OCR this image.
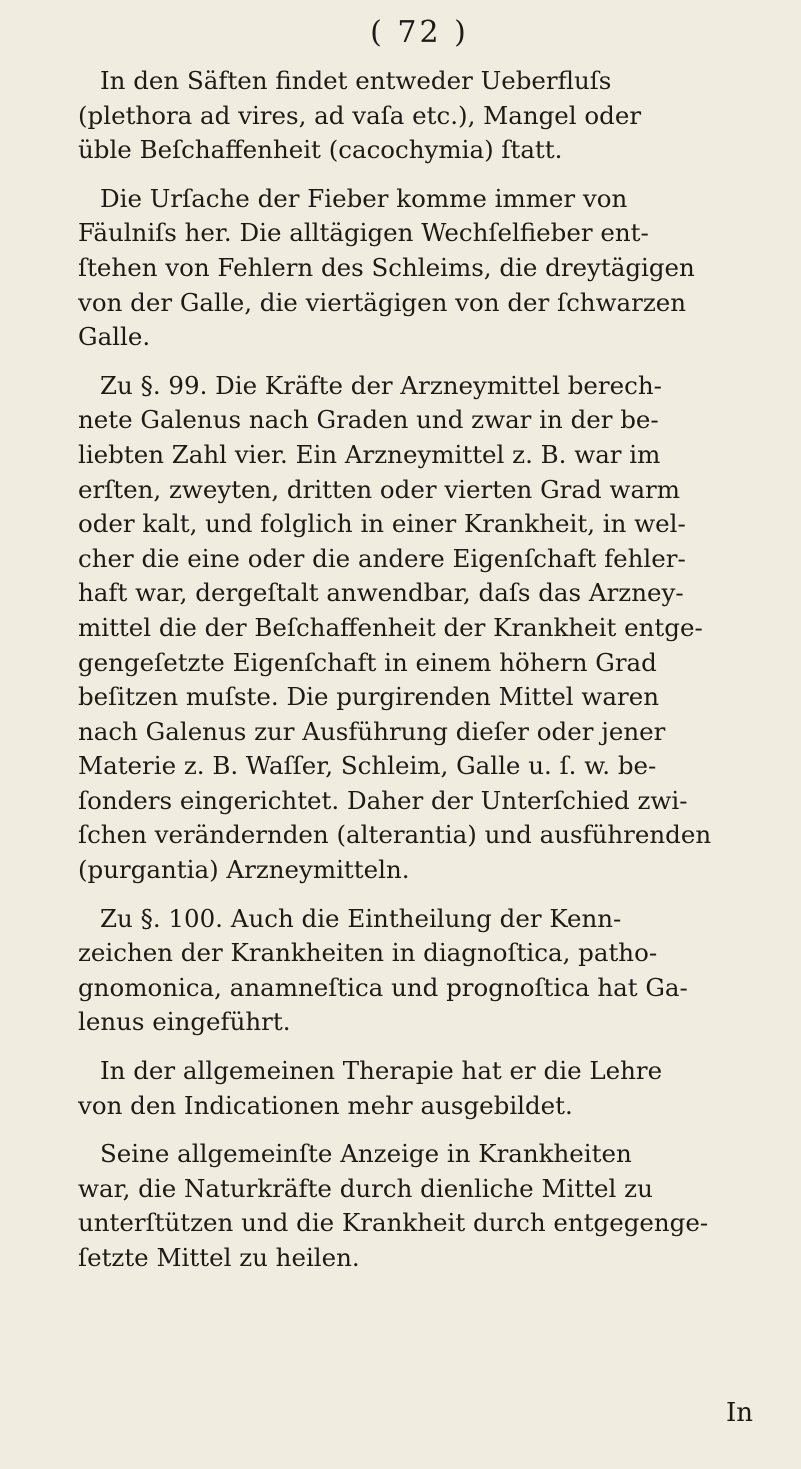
( 72 )
In den Säften findet entweder Ueberfluſs
(plethora ad vires, ad vaſa etc.), Mangel oder
üble Beſchaffenheit (cacochymia) ſtatt.
Die Urſache der Fieber komme immer von
Fäulniſs her. Die alltägigen Wechſelfieber ent-
ſtehen von Fehlern des Schleims, die dreytägigen
von der Galle, die viertägigen von der ſchwarzen
Galle.
Zu §. 99. Die Kräfte der Arzneymittel berech-
nete Galenus nach Graden und zwar in der be-
liebten Zahl vier. Ein Arzneymittel z. B. war im
erſten, zweyten, dritten oder vierten Grad warm
oder kalt, und folglich in einer Krankheit, in wel-
cher die eine oder die andere Eigenſchaft fehler-
haft war, dergeſtalt anwendbar, daſs das Arzney-
mittel die der Beſchaffenheit der Krankheit entge-
gengeſetzte Eigenſchaft in einem höhern Grad
beſitzen muſste. Die purgirenden Mittel waren
nach Galenus zur Ausführung dieſer oder jener
Materie z. B. Waſſer, Schleim, Galle u. ſ. w. be-
ſonders eingerichtet. Daher der Unterſchied zwi-
ſchen verändernden (alterantia) und ausführenden
(purgantia) Arzneymitteln.
Zu §. 100. Auch die Eintheilung der Kenn-
zeichen der Krankheiten in diagnoſtica, patho-
gnomonica, anamneſtica und prognoſtica hat Ga-
lenus eingeführt.
In der allgemeinen Therapie hat er die Lehre
von den Indicationen mehr ausgebildet.
Seine allgemeinſte Anzeige in Krankheiten
war, die Naturkräfte durch dienliche Mittel zu
unterſtützen und die Krankheit durch entgegenge-
ſetzte Mittel zu heilen.
In
